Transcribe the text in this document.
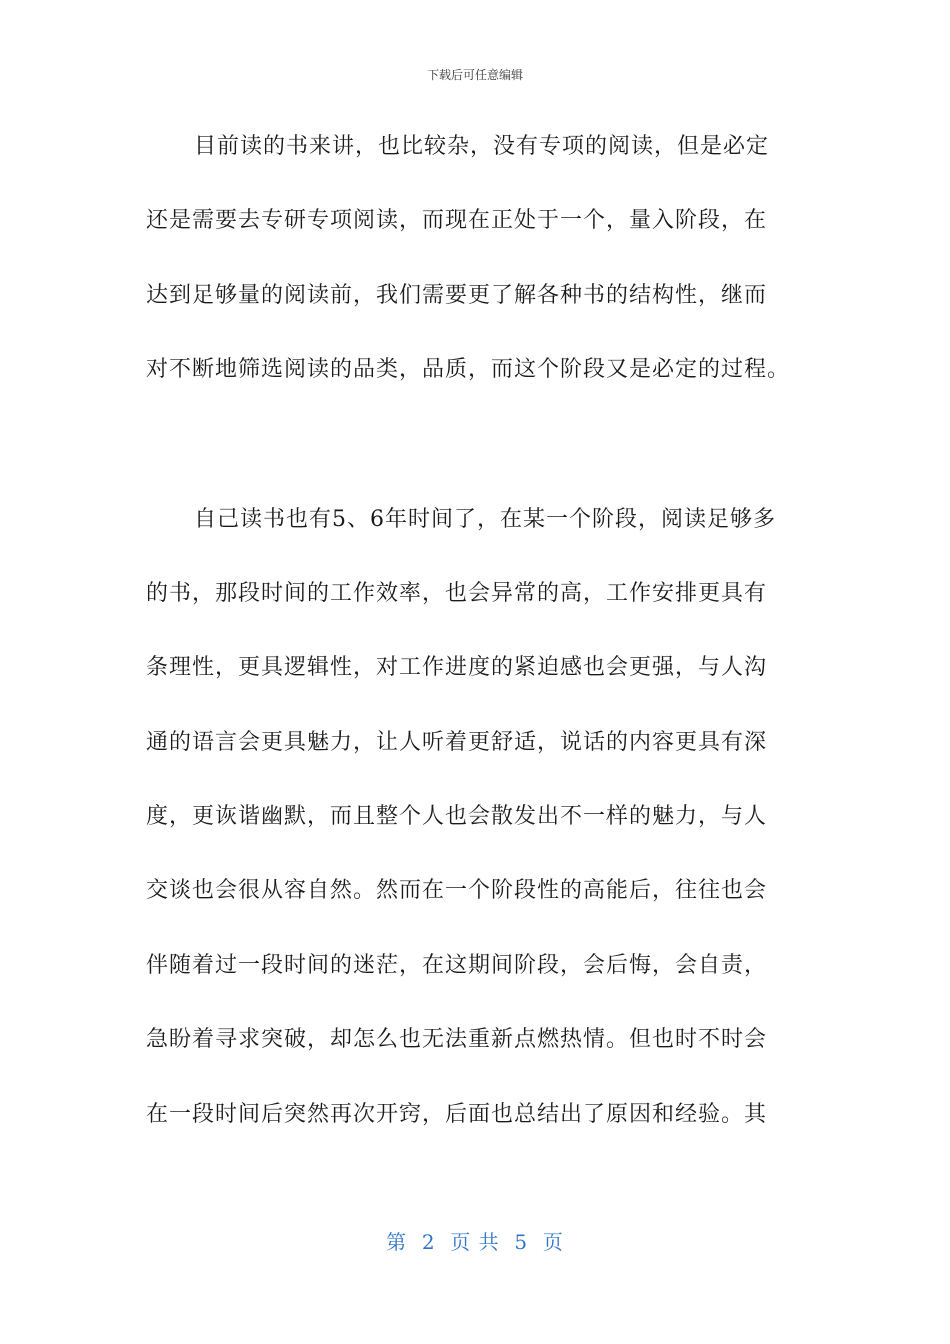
下载后可任意编辑
目前读的书来讲，也比较杂，没有专项的阅读，但是必定
还是需要去专研专项阅读，而现在正处于一个，量入阶段，在
达到足够量的阅读前，我们需要更了解各种书的结构性，继而
对不断地筛选阅读的品类，品质，而这个阶段又是必定的过程。
自己读书也有5、6年时间了，在某一个阶段，阅读足够多
的书，那段时间的工作效率，也会异常的高，工作安排更具有
条理性，更具逻辑性，对工作进度的紧迫感也会更强，与人沟
通的语言会更具魅力，让人听着更舒适，说话的内容更具有深
度，更诙谐幽默，而且整个人也会散发出不一样的魅力，与人
交谈也会很从容自然。然而在一个阶段性的高能后，往往也会
伴随着过一段时间的迷茫，在这期间阶段，会后悔，会自责，
急盼着寻求突破，却怎么也无法重新点燃热情。但也时不时会
在一段时间后突然再次开窍，后面也总结出了原因和经验。其
第  2  页 共  5  页
